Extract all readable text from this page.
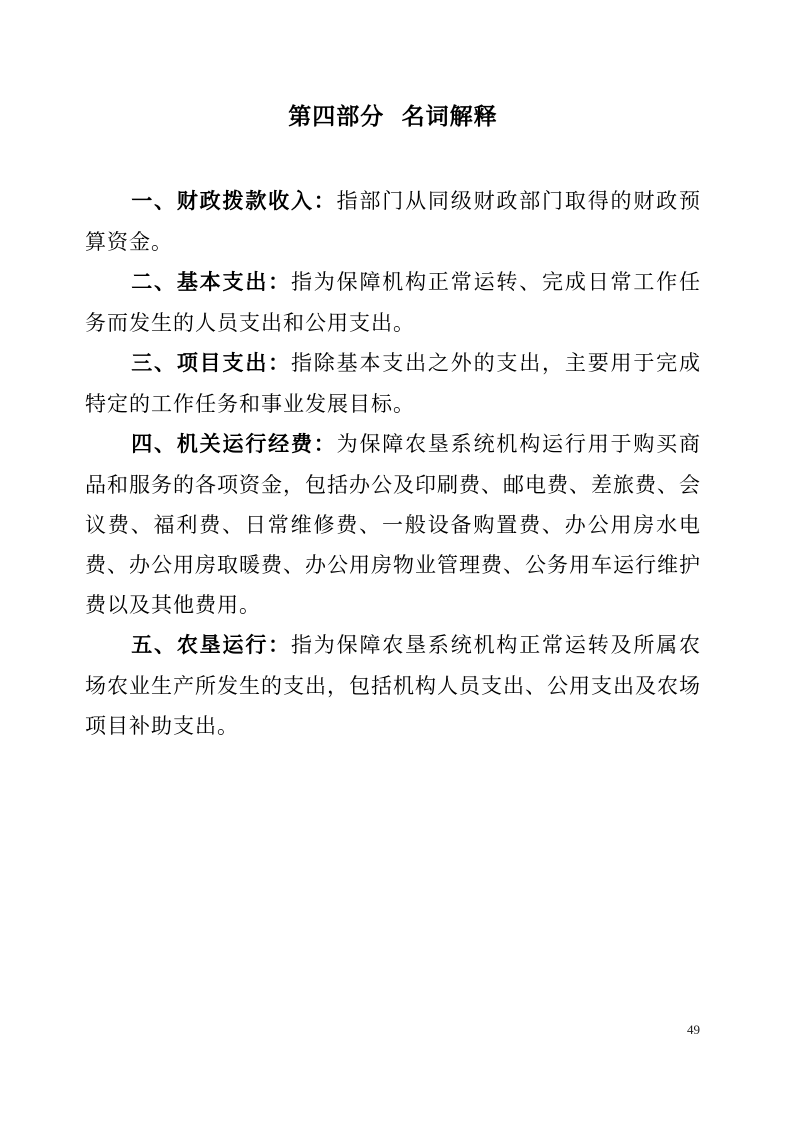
第四部分 名词解释

一、财政拨款收入：指部门从同级财政部门取得的财政预算资金。

二、基本支出：指为保障机构正常运转、完成日常工作任务而发生的人员支出和公用支出。

三、项目支出：指除基本支出之外的支出，主要用于完成特定的工作任务和事业发展目标。

四、机关运行经费：为保障农垦系统机构运行用于购买商品和服务的各项资金，包括办公及印刷费、邮电费、差旅费、会议费、福利费、日常维修费、一般设备购置费、办公用房水电费、办公用房取暖费、办公用房物业管理费、公务用车运行维护费以及其他费用。

五、农垦运行：指为保障农垦系统机构正常运转及所属农场农业生产所发生的支出，包括机构人员支出、公用支出及农场项目补助支出。

49
